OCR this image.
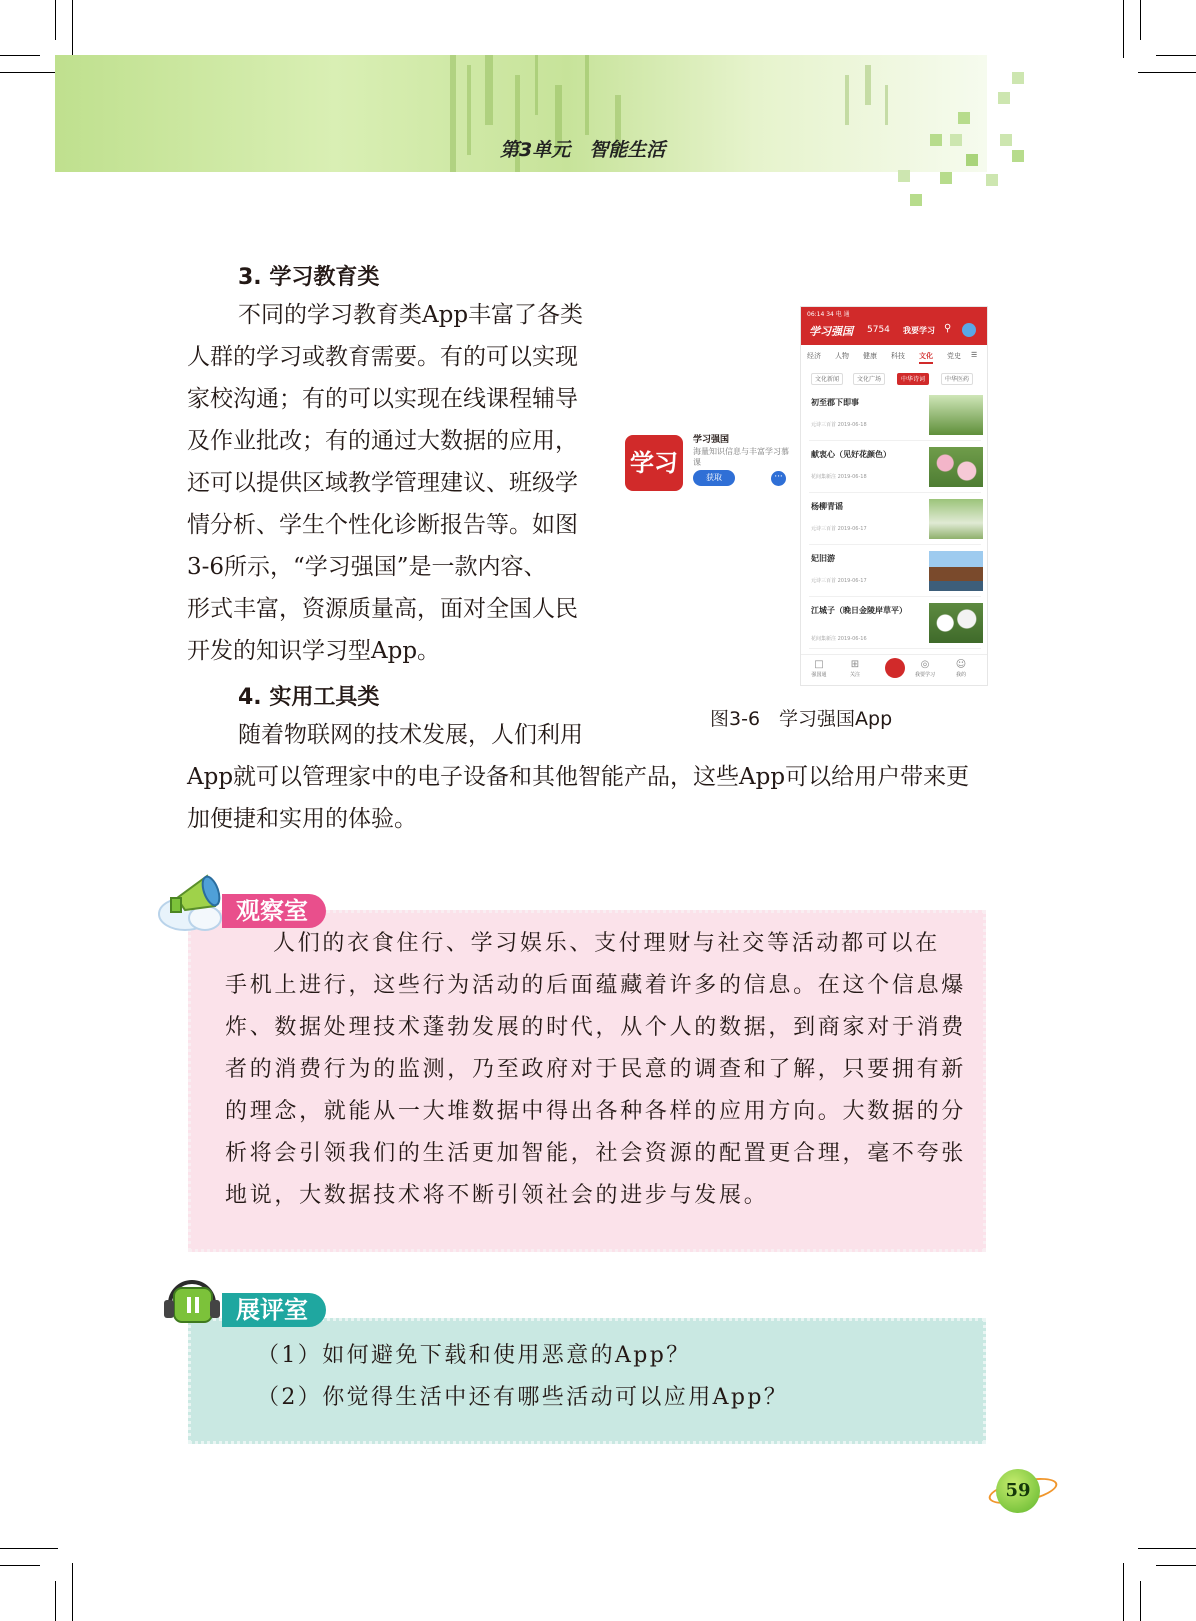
第3单元　智能生活
3. 学习教育类
不同的学习教育类App丰富了各类
人群的学习或教育需要。有的可以实现
家校沟通；有的可以实现在线课程辅导
及作业批改；有的通过大数据的应用，
还可以提供区域教学管理建议、班级学
情分析、学生个性化诊断报告等。如图
3-6所示，“学习强国”是一款内容、
形式丰富，资源质量高，面对全国人民
开发的知识学习型App。
4. 实用工具类
随着物联网的技术发展，人们利用
App就可以管理家中的电子设备和其他智能产品，这些App可以给用户带来更
加便捷和实用的体验。
学习
学习强国
海量知识信息与丰富学习慕课
获取	···
06:14 34 电 通
学习强国 5754 我要学习 ⚲
经济 人物 健康 科技 文化 党史 ☰
文化新闻	文化广场	中华诗词	中华医药
初至郡下即事
元诗三百首 2019-06-18
献衷心（见好花颜色）
花间集新注 2019-06-18
杨柳青谣
元诗三百首 2019-06-17
妃旧游
元诗三百首 2019-06-17
江城子（晚日金陵岸草平）
花间集新注 2019-06-16
□
强国通
⊞
关注
◎
我要学习
☺
我的
图3-6　学习强国App
人们的衣食住行、学习娱乐、支付理财与社交等活动都可以在
手机上进行，这些行为活动的后面蕴藏着许多的信息。在这个信息爆
炸、数据处理技术蓬勃发展的时代，从个人的数据，到商家对于消费
者的消费行为的监测，乃至政府对于民意的调查和了解，只要拥有新
的理念，就能从一大堆数据中得出各种各样的应用方向。大数据的分
析将会引领我们的生活更加智能，社会资源的配置更合理，毫不夸张
地说，大数据技术将不断引领社会的进步与发展。
观察室
（1）如何避免下载和使用恶意的App？
（2）你觉得生活中还有哪些活动可以应用App？
展评室
59
